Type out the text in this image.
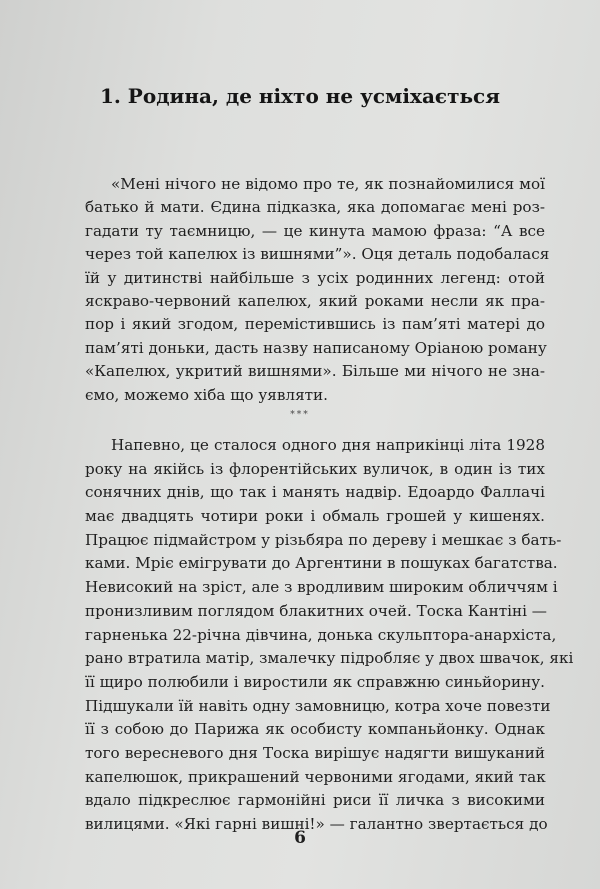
1. Родина, де ніхто не усміхається
«Мені нічого не відомо про те, як познайомилися мої
батько й мати. Єдина підказка, яка допомагає мені роз-
гадати ту таємницю, — це кинута мамою фраза: “А все
через той капелюх із вишнями”». Оця деталь подобалася
їй у дитинстві найбільше з усіх родинних легенд: отой
яскраво-червоний капелюх, який роками несли як пра-
пор і який згодом, перемістившись із пам’яті матері до
пам’яті доньки, дасть назву написаному Оріаною роману
«Капелюх, укритий вишнями». Більше ми нічого не зна-
ємо, можемо хіба що уявляти.
***
Напевно, це сталося одного дня наприкінці літа 1928
року на якійсь із флорентійських вуличок, в один із тих
сонячних днів, що так і манять надвір. Едоардо Фаллачі
має двадцять чотири роки і обмаль грошей у кишенях.
Працює підмайстром у різьбяра по дереву і мешкає з бать-
ками. Мріє емігрувати до Аргентини в пошуках багатства.
Невисокий на зріст, але з вродливим широким обличчям і
пронизливим поглядом блакитних очей. Тоска Кантіні —
гарненька 22-річна дівчина, донька скульптора-анархіста,
рано втратила матір, змалечку підробляє у двох швачок, які
її щиро полюбили і виростили як справжню синьйорину.
Підшукали їй навіть одну замовницю, котра хоче повезти
її з собою до Парижа як особисту компаньйонку. Однак
того вересневого дня Тоска вирішує надягти вишуканий
капелюшок, прикрашений червоними ягодами, який так
вдало підкреслює гармонійні риси її личка з високими
вилицями. «Які гарні вишні!» — галантно звертається до
6
